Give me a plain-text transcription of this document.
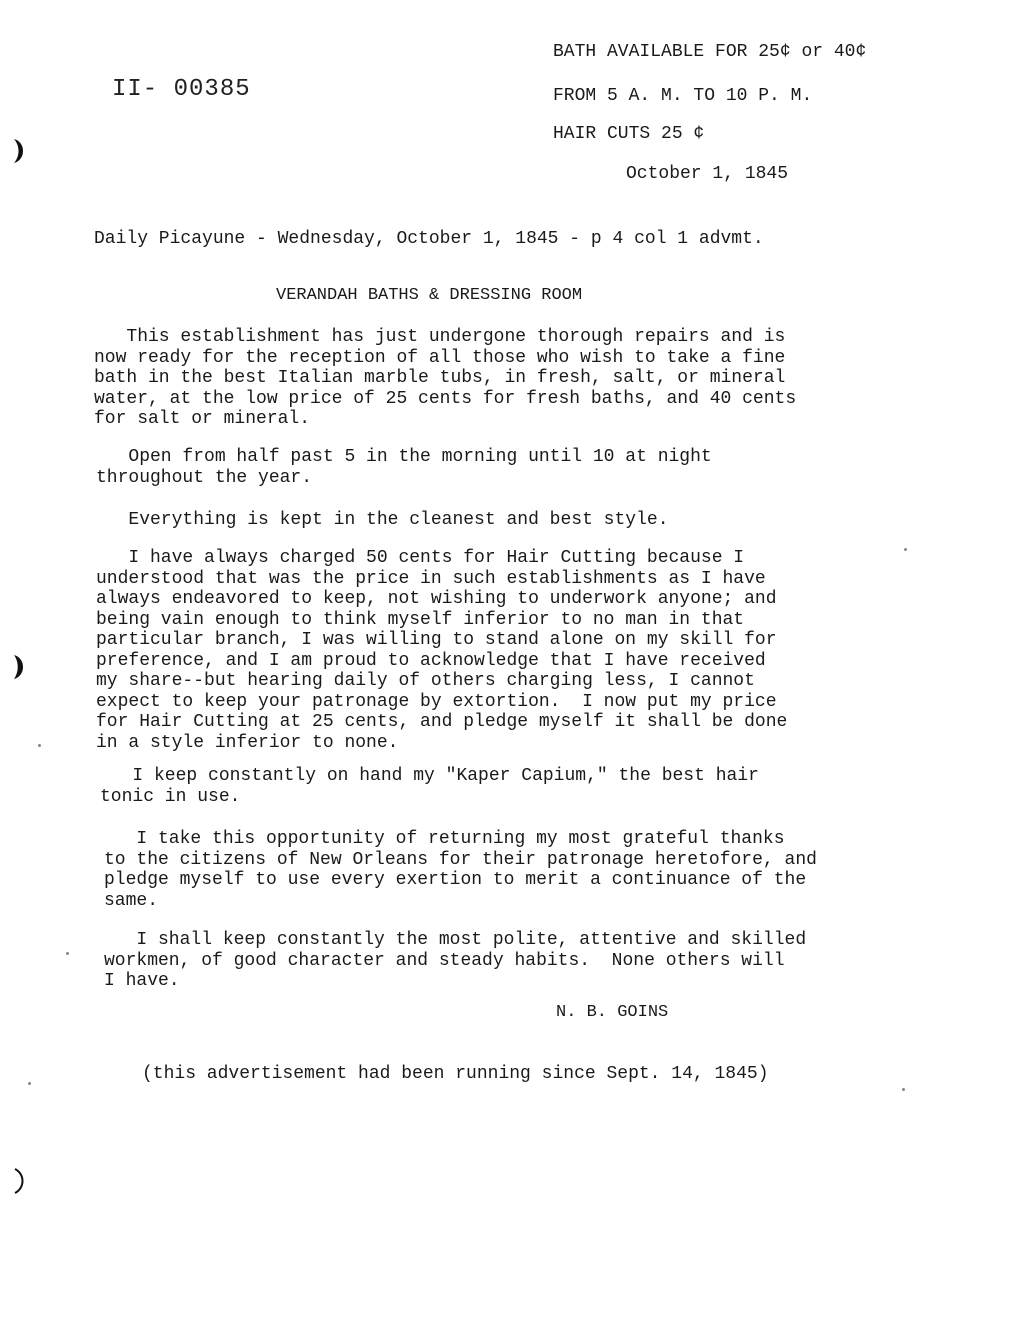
II- 00385
BATH AVAILABLE FOR 25¢ or 40¢
FROM 5 A. M. TO 10 P. M.
HAIR CUTS 25 ¢
October 1, 1845
Daily Picayune - Wednesday, October 1, 1845 - p 4 col 1 advmt.
VERANDAH BATHS & DRESSING ROOM

This establishment has just undergone thorough repairs and is
now ready for the reception of all those who wish to take a fine
bath in the best Italian marble tubs, in fresh, salt, or mineral
water, at the low price of 25 cents for fresh baths, and 40 cents
for salt or mineral.

Open from half past 5 in the morning until 10 at night
throughout the year.

Everything is kept in the cleanest and best style.

I have always charged 50 cents for Hair Cutting because I
understood that was the price in such establishments as I have
always endeavored to keep, not wishing to underwork anyone; and
being vain enough to think myself inferior to no man in that
particular branch, I was willing to stand alone on my skill for
preference, and I am proud to acknowledge that I have received
my share--but hearing daily of others charging less, I cannot
expect to keep your patronage by extortion.  I now put my price
for Hair Cutting at 25 cents, and pledge myself it shall be done
in a style inferior to none.

I keep constantly on hand my "Kaper Capium," the best hair
tonic in use.

I take this opportunity of returning my most grateful thanks
to the citizens of New Orleans for their patronage heretofore, and
pledge myself to use every exertion to merit a continuance of the
same.

I shall keep constantly the most polite, attentive and skilled
workmen, of good character and steady habits.  None others will
I have.

N. B. GOINS
(this advertisement had been running since Sept. 14, 1845)
